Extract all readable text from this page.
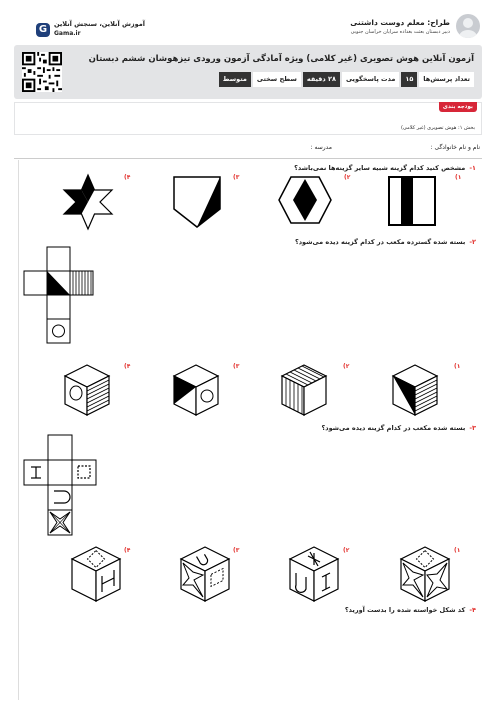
طراح: معلم دوست داشتنی
دبیر دبستان بعثت بغداده سرایان خراسان جنوبی
آموزش آنلاین، سنجش آنلاین
Gama.ir
G
آزمون آنلاین هوش تصویری (غیر کلامی) ویژه آمادگی آزمون ورودی تیزهوشان ششم دبستان
تعداد پرسش‌ها
۱۵
مدت پاسخگویی
۲۸ دقیقه
سطح سختی
متوسط
بودجه بندی
بخش ۱: هوش تصویری (غیر کلامی)
نام و نام خانوادگی :
مدرسه :
۱-مشخص کنید کدام گزینه شبیه سایر گزینه‌ها نمی‌باشد؟
۱)
۲)
۳)
۴)
۲-بسته شده گسترده مکعب در کدام گزینه دیده می‌شود؟
۱)
۲)
۳)
۴)
۳-بسته شده مکعب در کدام گزینه دیده می‌شود؟
۱)
۲)
۳)
۴)
۴-کد شکل خواسته شده را بدست آورید؟
